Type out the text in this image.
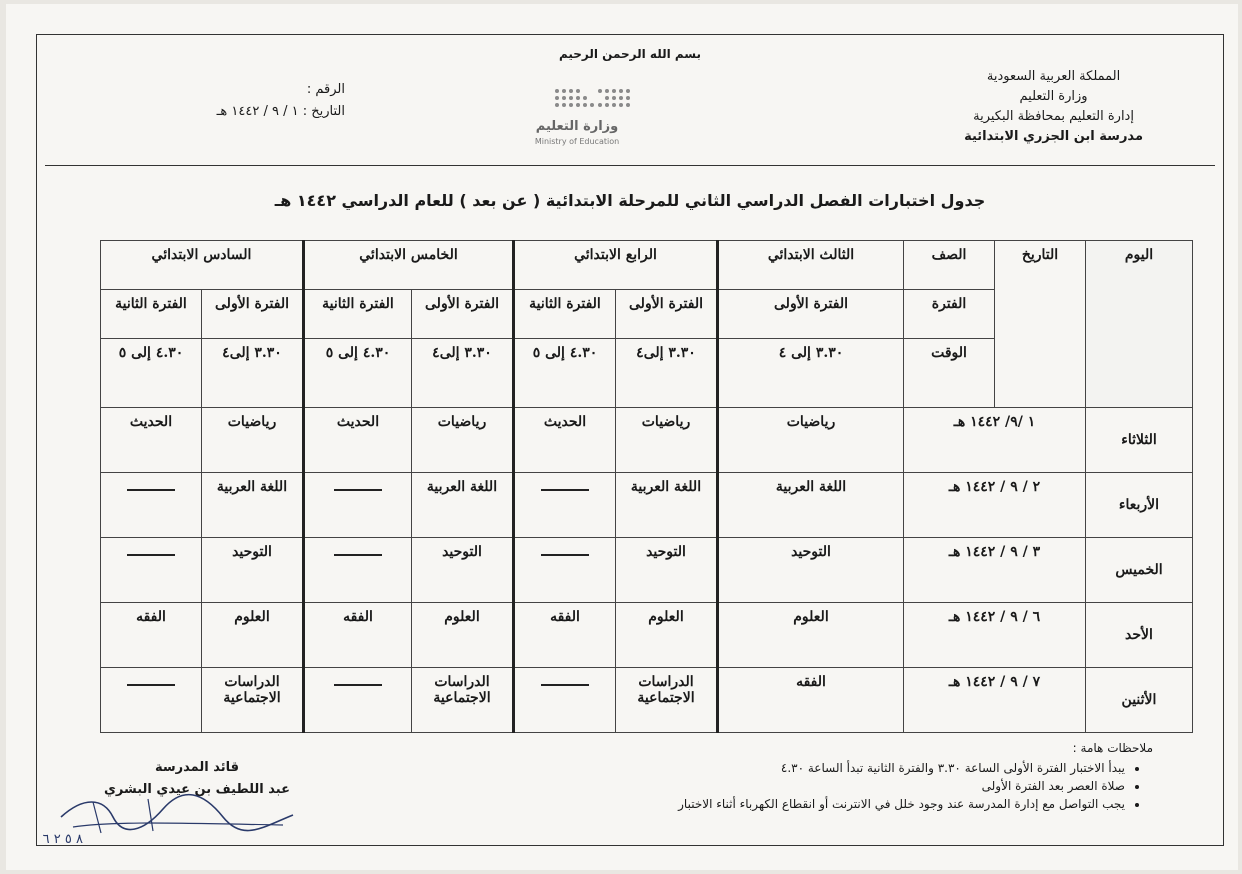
بسم الله الرحمن الرحيم
المملكة العربية السعودية
وزارة التعليم
إدارة التعليم بمحافظة البكيرية
مدرسة ابن الجزري الابتدائية
وزارة التعليم
Ministry of Education
الرقم :
التاريخ : ١ / ٩ / ١٤٤٢ هـ
جدول اختبارات الفصل الدراسي الثاني للمرحلة الابتدائية ( عن بعد ) للعام الدراسي ١٤٤٢ هـ
اليوم	التاريخ	الصف	الثالث الابتدائي	الرابع الابتدائي		الخامس الابتدائي		السادس الابتدائي	
		الفترة	الفترة الأولى	الفترة الأولى	الفترة الثانية	الفترة الأولى	الفترة الثانية	الفترة الأولى	الفترة الثانية
		الوقت	٣.٣٠ إلى ٤	٣.٣٠ إلى٤	٤.٣٠ إلى ٥	٣.٣٠ إلى٤	٤.٣٠ إلى ٥	٣.٣٠ إلى٤	٤.٣٠ إلى ٥
الثلاثاء	١ /٩/ ١٤٤٢ هـ		رياضيات	رياضيات	الحديث	رياضيات	الحديث	رياضيات	الحديث
الأربعاء	٢ / ٩ / ١٤٤٢ هـ		اللغة العربية	اللغة العربية		اللغة العربية		اللغة العربية	
الخميس	٣ / ٩ / ١٤٤٢ هـ		التوحيد	التوحيد		التوحيد		التوحيد	
الأحد	٦ / ٩ / ١٤٤٢ هـ		العلوم	العلوم	الفقه	العلوم	الفقه	العلوم	الفقه
الأثنين	٧ / ٩ / ١٤٤٢ هـ		الفقه	الدراسات الاجتماعية		الدراسات الاجتماعية		الدراسات الاجتماعية	
ملاحظات هامة :
• يبدأ الاختبار الفترة الأولى الساعة ٣.٣٠ والفترة الثانية تبدأ الساعة ٤.٣٠
• صلاة العصر بعد الفترة الأولى
• يجب التواصل مع إدارة المدرسة عند وجود خلل في الانترنت أو انقطاع الكهرباء أثناء الاختبار
قائد المدرسة
عبد اللطيف بن عيدي البشري
٨ ٥ ٢ ٦
